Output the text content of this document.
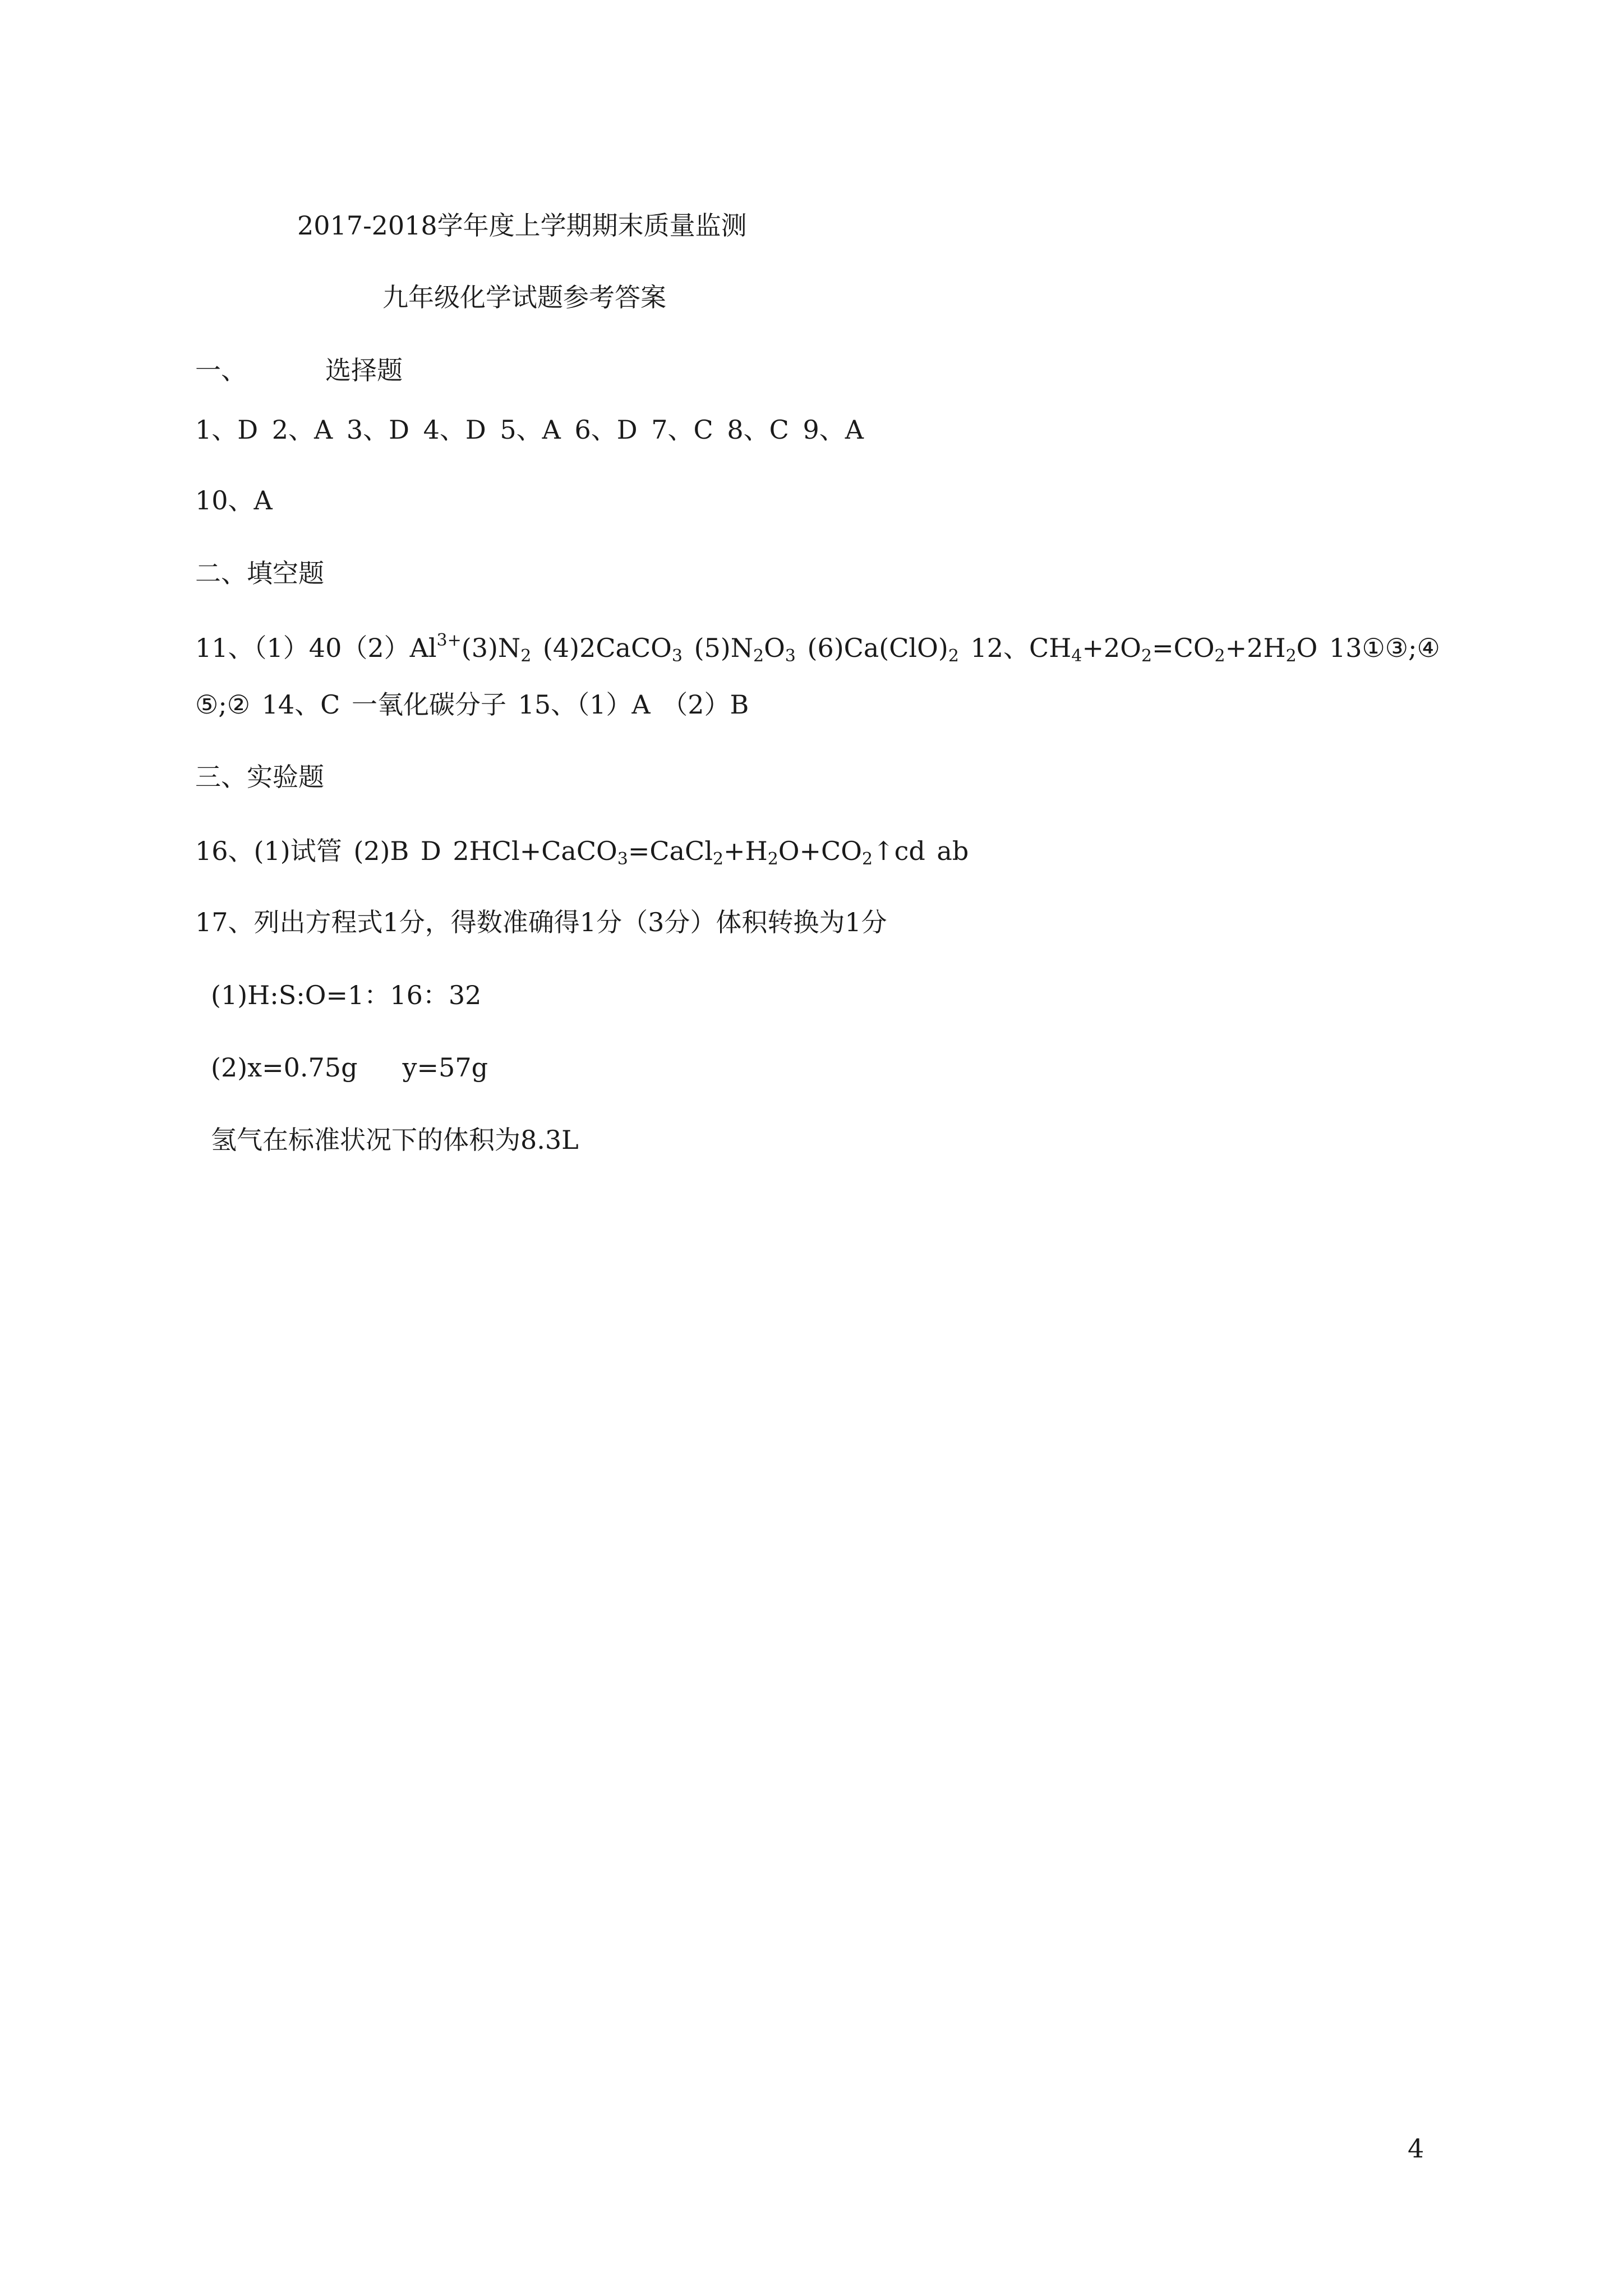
2017-2018学年度上学期期末质量监测
九年级化学试题参考答案
一、	选择题
1、D 2、A 3、D 4、D 5、A 6、D 7、C 8、C 9、A
10、A
二、填空题
11、$(1)40(2)Al^{3+}(3)N_2$ (4)2CaCO$_3$ $(5)N_2O_3$ $(6)Ca(ClO)_2$ 12、$CH_4+2O_2=CO_2+2H_2O$ 13①③;④
⑤;② 14、C 一氧化碳分子 15、（1）A （2）B
三、实验题
16、(1)试管 (2)B D $2HCl+CaCO_3=CaCl_2+H_2O+CO_2↑cd$ ab
17、列出方程式1分，得数准确得1分（3分）体积转换为1分
(1)H:S:O=1：16：32
(2)x=0.75g y=57g
氢气在标准状况下的体积为8.3L
4
